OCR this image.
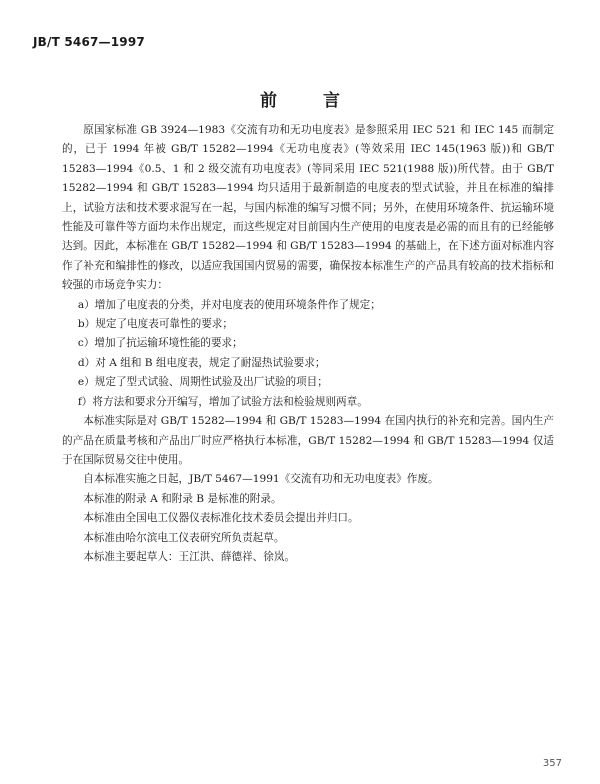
JB/T 5467—1997
前言

原国家标准 GB 3924—1983《交流有功和无功电度表》是参照采用 IEC 521 和 IEC 145 而制定的，已于 1994 年被 GB/T 15282—1994《无功电度表》(等效采用 IEC 145(1963 版))和 GB/T 15283—1994《0.5、1 和 2 级交流有功电度表》(等同采用 IEC 521(1988 版))所代替。由于 GB/T 15282—1994 和 GB/T 15283—1994 均只适用于最新制造的电度表的型式试验，并且在标准的编排上，试验方法和技术要求混写在一起，与国内标准的编写习惯不同；另外，在使用环境条件、抗运输环境性能及可靠件等方面均未作出规定，而这些规定对目前国内生产使用的电度表是必需的而且有的已经能够达到。因此，本标准在 GB/T 15282—1994 和 GB/T 15283—1994 的基础上，在下述方面对标准内容作了补充和编排性的修改，以适应我国国内贸易的需要，确保按本标准生产的产品具有较高的技术指标和较强的市场竞争实力：

a）增加了电度表的分类，并对电度表的使用环境条件作了规定；

b）规定了电度表可靠性的要求；

c）增加了抗运输环境性能的要求；

d）对 A 组和 B 组电度表，规定了耐湿热试验要求；

e）规定了型式试验、周期性试验及出厂试验的项目；

f）将方法和要求分开编写，增加了试验方法和检验规则两章。

本标准实际是对 GB/T 15282—1994 和 GB/T 15283—1994 在国内执行的补充和完善。国内生产的产品在质量考核和产品出厂时应严格执行本标准，GB/T 15282—1994 和 GB/T 15283—1994 仅适于在国际贸易交往中使用。

自本标准实施之日起，JB/T 5467—1991《交流有功和无功电度表》作废。

本标准的附录 A 和附录 B 是标准的附录。

本标准由全国电工仪器仪表标准化技术委员会提出并归口。

本标准由哈尔滨电工仪表研究所负责起草。

本标准主要起草人：王江洪、薛德祥、徐岚。

357
